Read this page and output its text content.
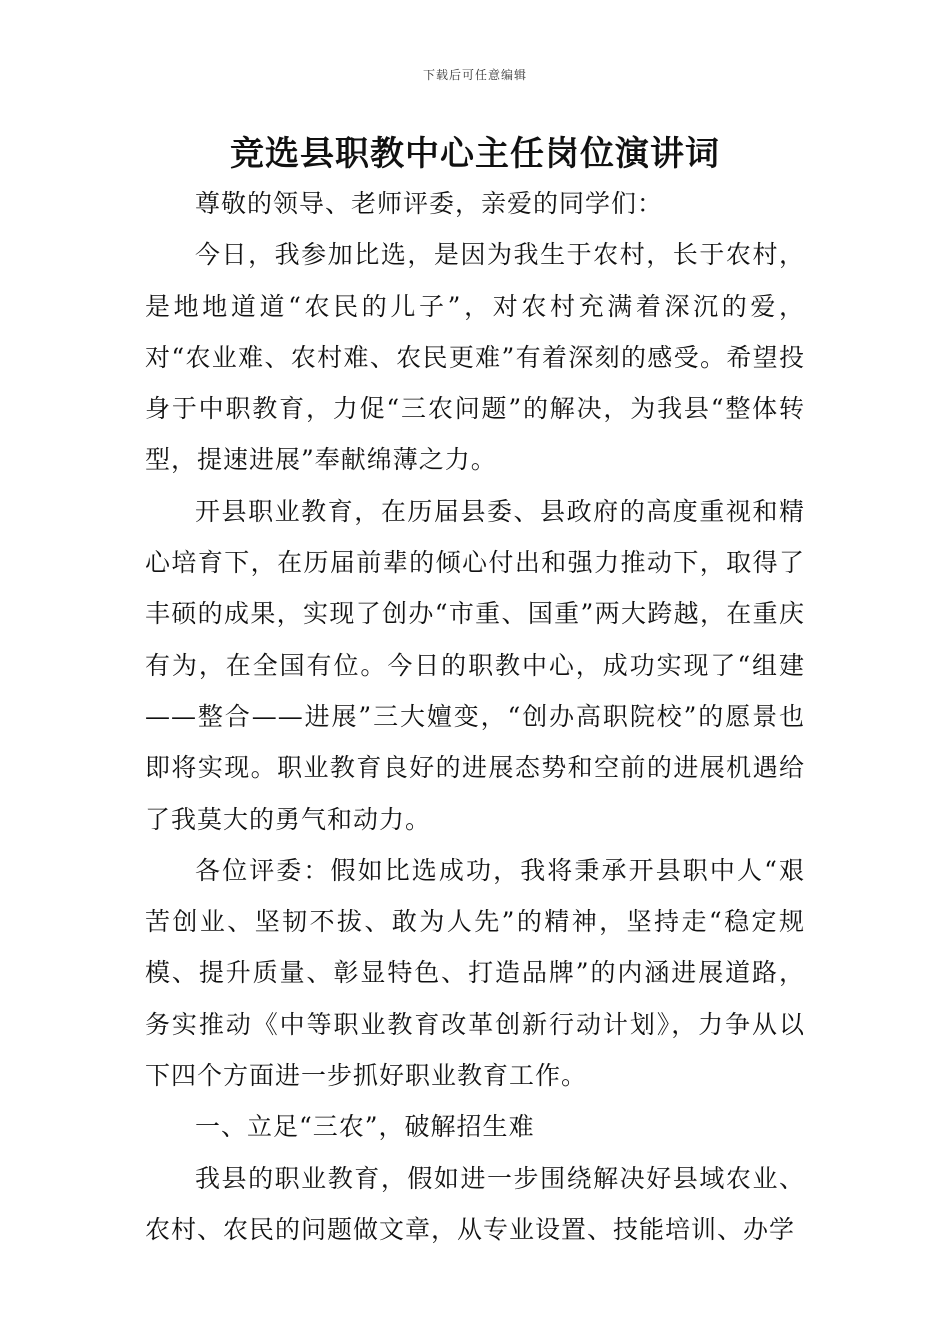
下载后可任意编辑
竞选县职教中心主任岗位演讲词

尊敬的领导、老师评委，亲爱的同学们：

今日，我参加比选，是因为我生于农村，长于农村，是地地道道“农民的儿子”，对农村充满着深沉的爱，对“农业难、农村难、农民更难”有着深刻的感受。希望投身于中职教育，力促“三农问题”的解决，为我县“整体转型，提速进展”奉献绵薄之力。

开县职业教育，在历届县委、县政府的高度重视和精心培育下，在历届前辈的倾心付出和强力推动下，取得了丰硕的成果，实现了创办“市重、国重”两大跨越，在重庆有为，在全国有位。今日的职教中心，成功实现了“组建——整合——进展”三大嬗变，“创办高职院校”的愿景也即将实现。职业教育良好的进展态势和空前的进展机遇给了我莫大的勇气和动力。

各位评委：假如比选成功，我将秉承开县职中人“艰苦创业、坚韧不拔、敢为人先”的精神，坚持走“稳定规模、提升质量、彰显特色、打造品牌”的内涵进展道路，务实推动《中等职业教育改革创新行动计划》，力争从以下四个方面进一步抓好职业教育工作。

一、立足“三农”，破解招生难

我县的职业教育，假如进一步围绕解决好县域农业、农村、农民的问题做文章，从专业设置、技能培训、办学
